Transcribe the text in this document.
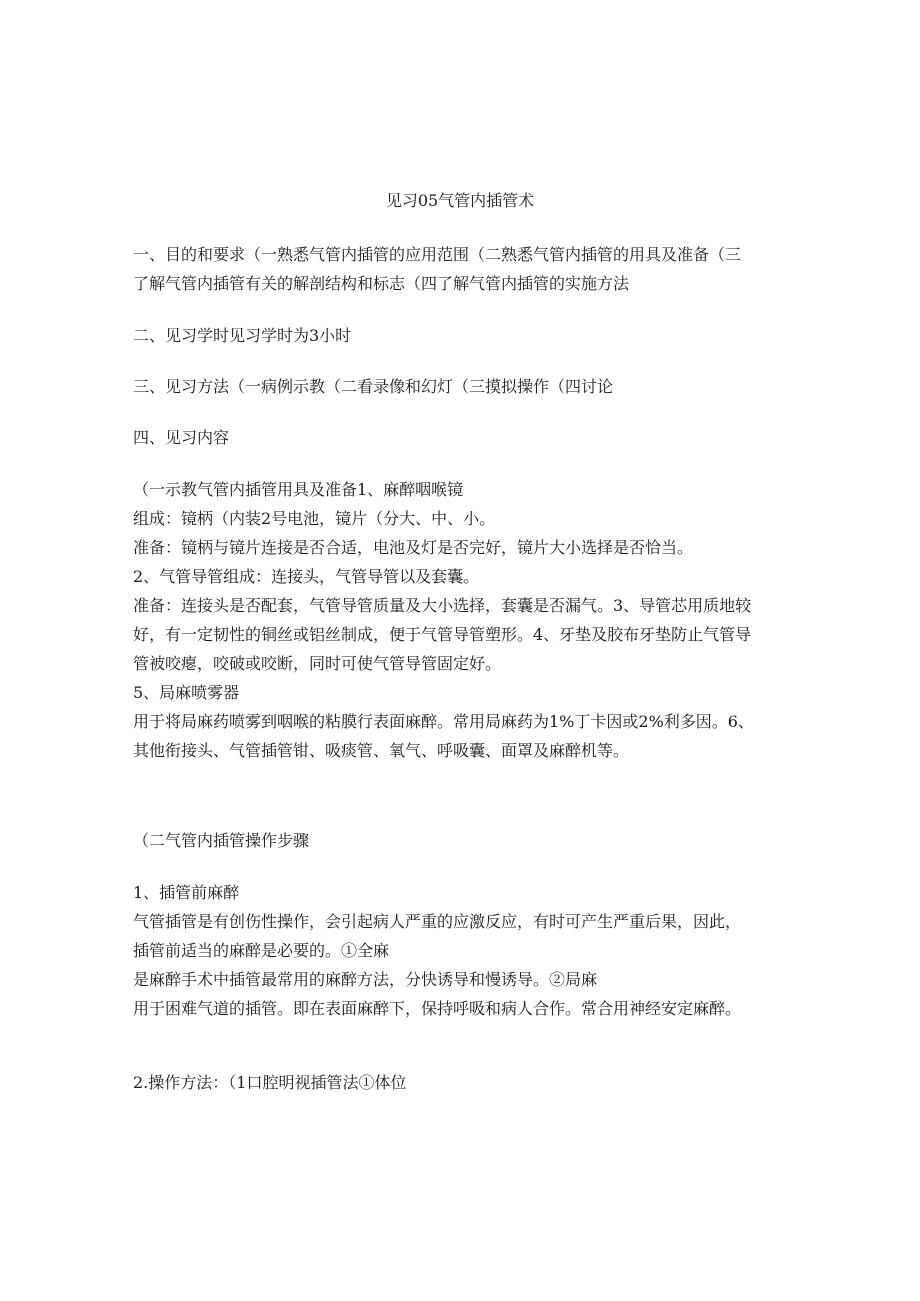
见习05气管内插管术
一、目的和要求（一熟悉气管内插管的应用范围（二熟悉气管内插管的用具及准备（三
了解气管内插管有关的解剖结构和标志（四了解气管内插管的实施方法
二、见习学时见习学时为3小时
三、见习方法（一病例示教（二看录像和幻灯（三摸拟操作（四讨论
四、见习内容
（一示教气管内插管用具及准备1、麻醉咽喉镜
组成：镜柄（内装2号电池，镜片（分大、中、小。
准备：镜柄与镜片连接是否合适，电池及灯是否完好，镜片大小选择是否恰当。
2、气管导管组成：连接头，气管导管以及套囊。
准备：连接头是否配套，气管导管质量及大小选择，套囊是否漏气。3、导管芯用质地较
好，有一定韧性的铜丝或铝丝制成，便于气管导管塑形。4、牙垫及胶布牙垫防止气管导
管被咬瘪，咬破或咬断，同时可使气管导管固定好。
5、局麻喷雾器
用于将局麻药喷雾到咽喉的粘膜行表面麻醉。常用局麻药为1%丁卡因或2%利多因。6、
其他衔接头、气管插管钳、吸痰管、氧气、呼吸囊、面罩及麻醉机等。
（二气管内插管操作步骤
1、插管前麻醉
气管插管是有创伤性操作，会引起病人严重的应激反应，有时可产生严重后果，因此，
插管前适当的麻醉是必要的。①全麻
是麻醉手术中插管最常用的麻醉方法，分快诱导和慢诱导。②局麻
用于困难气道的插管。即在表面麻醉下，保持呼吸和病人合作。常合用神经安定麻醉。
2.操作方法：（1口腔明视插管法①体位
